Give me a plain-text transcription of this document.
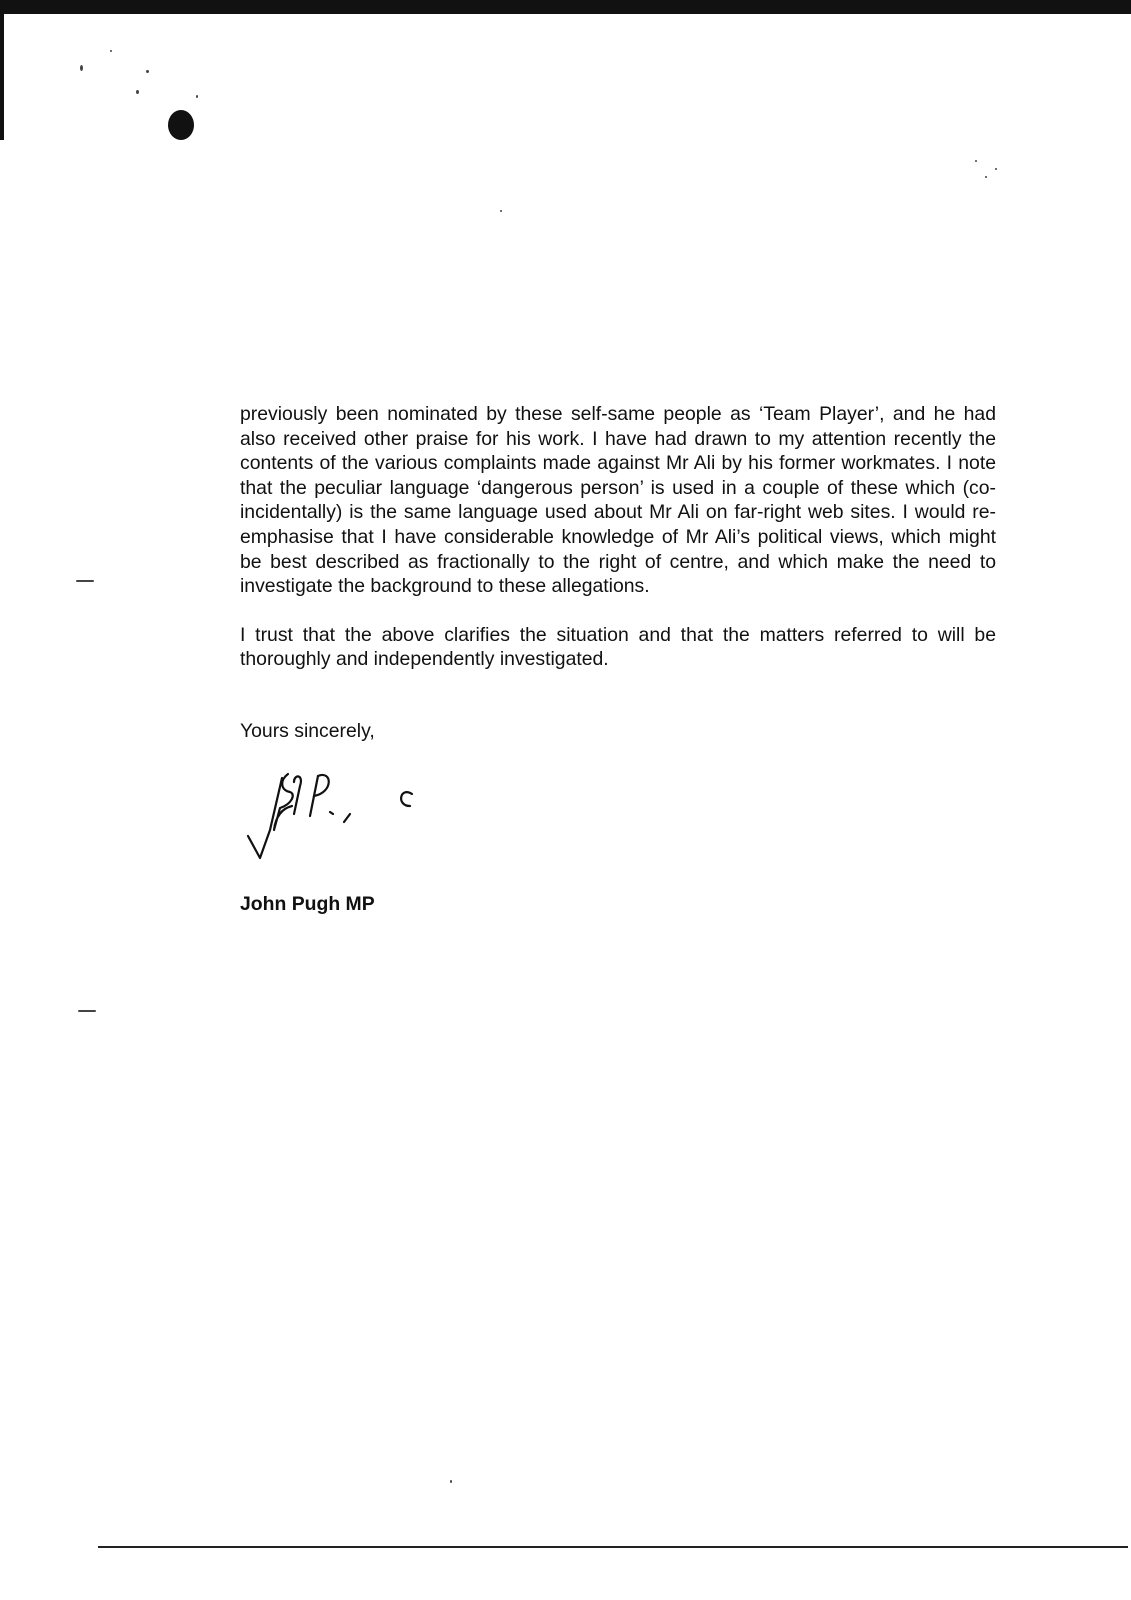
previously been nominated by these self-same people as ‘Team Player’, and he had also received other praise for his work. I have had drawn to my attention recently the contents of the various complaints made against Mr Ali by his former workmates. I note that the peculiar language ‘dangerous person’ is used in a couple of these which (co-incidentally) is the same language used about Mr Ali on far-right web sites. I would re-emphasise that I have considerable knowledge of Mr Ali’s political views, which might be best described as fractionally to the right of centre, and which make the need to investigate the background to these allegations.

I trust that the above clarifies the situation and that the matters referred to will be thoroughly and independently investigated.

Yours sincerely,
John Pugh MP
